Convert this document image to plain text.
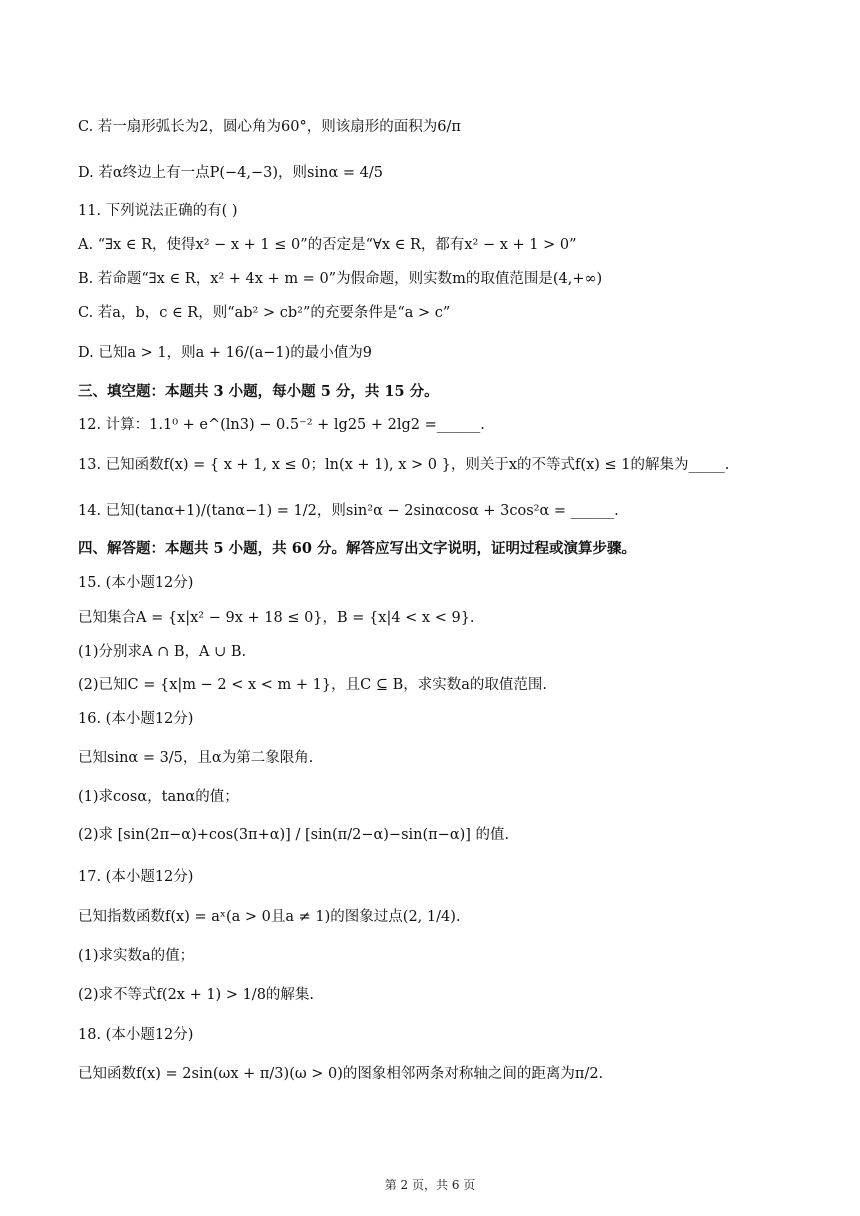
C. 若一扇形弧长为2，圆心角为60°，则该扇形的面积为6/π
D. 若α终边上有一点P(−4,−3)，则sinα = 4/5
11. 下列说法正确的有( )
A. “∃x ∈ R，使得x² − x + 1 ≤ 0”的否定是“∀x ∈ R，都有x² − x + 1 > 0”
B. 若命题“∃x ∈ R，x² + 4x + m = 0”为假命题，则实数m的取值范围是(4,+∞)
C. 若a，b，c ∈ R，则“ab² > cb²”的充要条件是“a > c”
D. 已知a > 1，则a + 16/(a−1)的最小值为9
三、填空题：本题共 3 小题，每小题 5 分，共 15 分。
12. 计算：1.1⁰ + e^(ln3) − 0.5⁻² + lg25 + 2lg2 =______.
13. 已知函数f(x) = { x + 1, x ≤ 0；ln(x + 1), x > 0 }，则关于x的不等式f(x) ≤ 1的解集为_____.
14. 已知(tanα+1)/(tanα−1) = 1/2，则sin²α − 2sinαcosα + 3cos²α = ______.
四、解答题：本题共 5 小题，共 60 分。解答应写出文字说明，证明过程或演算步骤。
15. (本小题12分)
已知集合A = {x|x² − 9x + 18 ≤ 0}，B = {x|4 < x < 9}.
(1)分别求A ∩ B，A ∪ B.
(2)已知C = {x|m − 2 < x < m + 1}，且C ⊆ B，求实数a的取值范围.
16. (本小题12分)
已知sinα = 3/5，且α为第二象限角.
(1)求cosα，tanα的值；
(2)求 [sin(2π−α)+cos(3π+α)] / [sin(π/2−α)−sin(π−α)] 的值.
17. (本小题12分)
已知指数函数f(x) = aˣ(a > 0且a ≠ 1)的图象过点(2, 1/4).
(1)求实数a的值；
(2)求不等式f(2x + 1) > 1/8的解集.
18. (本小题12分)
已知函数f(x) = 2sin(ωx + π/3)(ω > 0)的图象相邻两条对称轴之间的距离为π/2.
第 2 页，共 6 页
